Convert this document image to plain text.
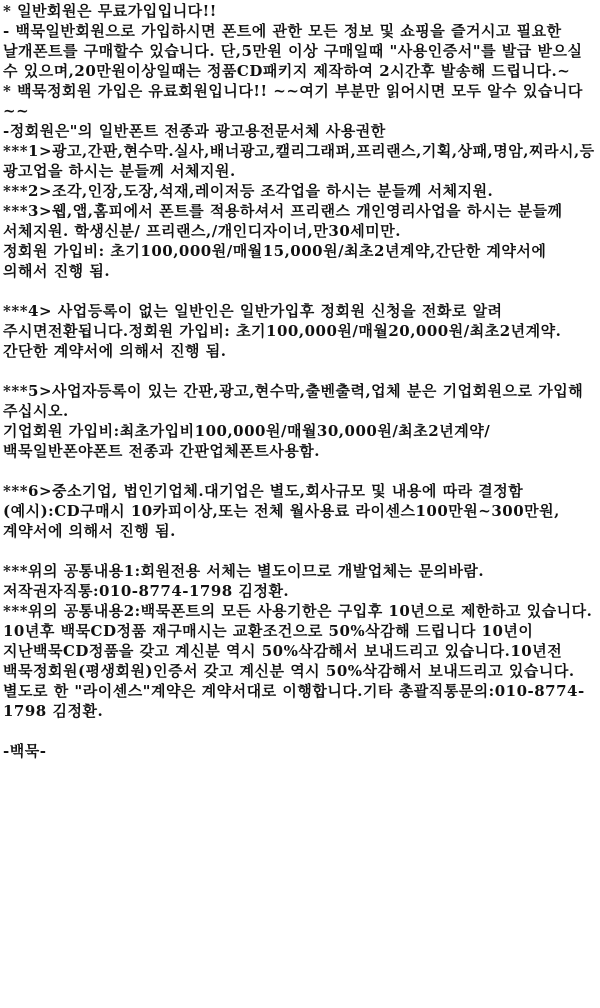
* 일반회원은 무료가입입니다!!

- 백묵일반회원으로 가입하시면 폰트에 관한 모든 정보 및 쇼핑을 즐거시고 필요한 날개폰트를 구매할수 있습니다. 단,5만원 이상 구매일때 "사용인증서"를 발급 받으실 수 있으며,20만원이상일때는 정품CD패키지 제작하여 2시간후 발송해 드립니다.~

* 백묵정회원 가입은 유료회원입니다!! ~~여기 부분만 읽어시면 모두 알수 있습니다~~

-정회원은"의 일반폰트 전종과 광고용전문서체 사용권한

***1>광고,간판,현수막.실사,배너광고,캘리그래퍼,프리랜스,기획,상패,명암,찌라시,등

광고업을 하시는 분들께 서체지원.

***2>조각,인장,도장,석재,레이저등 조각업을 하시는 분들께 서체지원.

***3>웹,앱,홈피에서 폰트를 적용하셔서 프리랜스 개인영리사업을 하시는 분들께 서체지원. 학생신분/ 프리랜스,/개인디자이너,만30세미만.

정회원 가입비: 초기100,000원/매월15,000원/최초2년계약,간단한 계약서에 의해서 진행 됨.

***4> 사업등록이 없는 일반인은 일반가입후 정회원 신청을 전화로 알려 주시면전환됩니다.정회원 가입비: 초기100,000원/매월20,000원/최초2년계약.간단한 계약서에 의해서 진행 됨.

***5>사업자등록이 있는 간판,광고,현수막,출벤출력,업체 분은 기업회원으로 가입해 주십시오.

기업회원 가입비:최초가입비100,000원/매월30,000원/최초2년계약/백묵일반폰야폰트 전종과 간판업체폰트사용함.

***6>중소기업, 법인기업체.대기업은 별도,회사규모 및 내용에 따라 결정함 (예시):CD구매시 10카피이상,또는 전체 월사용료 라이센스100만원~300만원,계약서에 의해서 진행 됨.

***위의 공통내용1:회원전용 서체는 별도이므로 개발업체는 문의바람. 저작권자직통:010-8774-1798 김정환.

***위의 공통내용2:백묵폰트의 모든 사용기한은 구입후 10년으로 제한하고 있습니다.

10년후 백묵CD정품 재구매시는 교환조건으로 50%삭감해 드립니다 10년이 지난백묵CD정품을 갖고 계신분 역시 50%삭감해서 보내드리고 있습니다.10년전 백묵정회원(평생회원)인증서 갖고 계신분 역시 50%삭감해서 보내드리고 있습니다.

별도로 한 "라이센스"계약은 계약서대로 이행합니다.기타 총괄직통문의:010-8774-1798 김정환.

-백묵-
